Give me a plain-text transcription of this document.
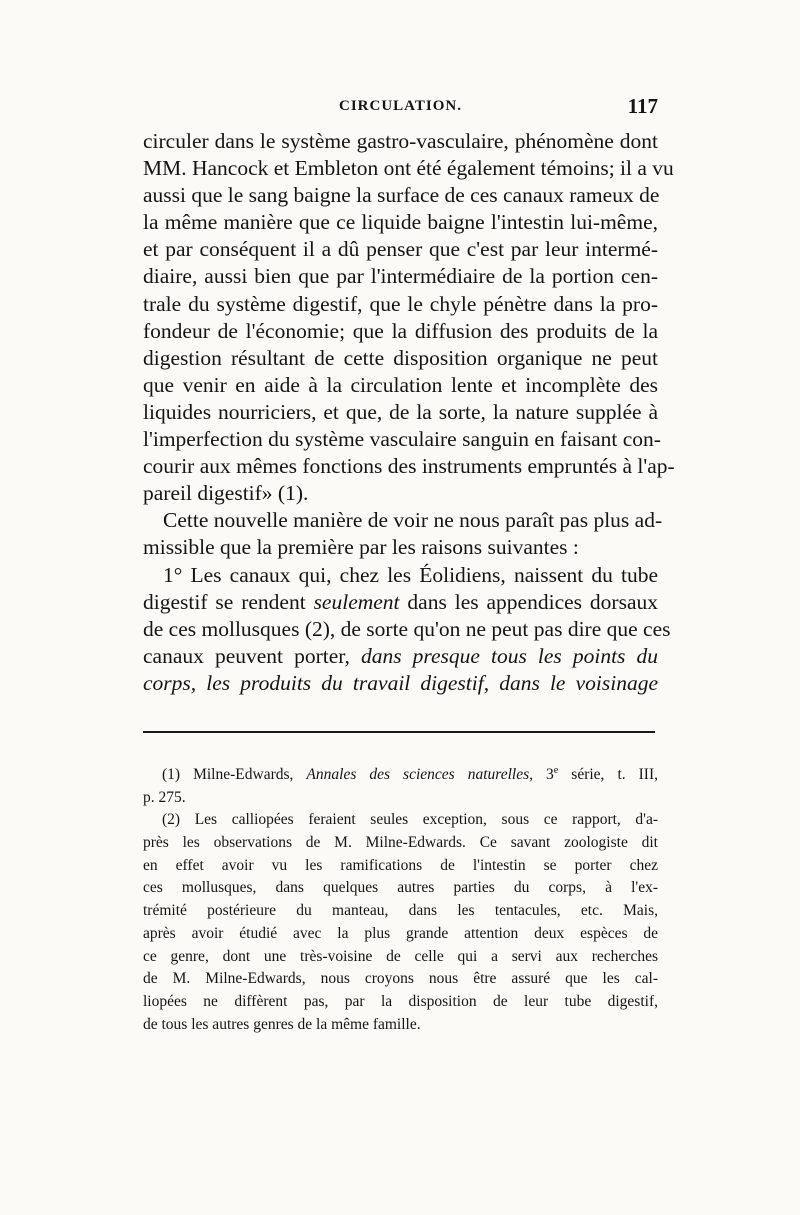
CIRCULATION.	117
circuler dans le système gastro-vasculaire, phénomène dont
MM. Hancock et Embleton ont été également témoins; il a vu
aussi que le sang baigne la surface de ces canaux rameux de
la même manière que ce liquide baigne l'intestin lui-même,
et par conséquent il a dû penser que c'est par leur intermé-
diaire, aussi bien que par l'intermédiaire de la portion cen-
trale du système digestif, que le chyle pénètre dans la pro-
fondeur de l'économie; que la diffusion des produits de la
digestion résultant de cette disposition organique ne peut
que venir en aide à la circulation lente et incomplète des
liquides nourriciers, et que, de la sorte, la nature supplée à
l'imperfection du système vasculaire sanguin en faisant con-
courir aux mêmes fonctions des instruments empruntés à l'ap-
pareil digestif» (1).
Cette nouvelle manière de voir ne nous paraît pas plus ad-
missible que la première par les raisons suivantes :
1° Les canaux qui, chez les Éolidiens, naissent du tube
digestif se rendent seulement dans les appendices dorsaux
de ces mollusques (2), de sorte qu'on ne peut pas dire que ces
canaux peuvent porter, dans presque tous les points du
corps, les produits du travail digestif, dans le voisinage
(1) Milne-Edwards, Annales des sciences naturelles, 3e série, t. III,
p. 275.
(2) Les calliopées feraient seules exception, sous ce rapport, d'a-
près les observations de M. Milne-Edwards. Ce savant zoologiste dit
en effet avoir vu les ramifications de l'intestin se porter chez
ces mollusques, dans quelques autres parties du corps, à l'ex-
trémité postérieure du manteau, dans les tentacules, etc. Mais,
après avoir étudié avec la plus grande attention deux espèces de
ce genre, dont une très-voisine de celle qui a servi aux recherches
de M. Milne-Edwards, nous croyons nous être assuré que les cal-
liopées ne diffèrent pas, par la disposition de leur tube digestif,
de tous les autres genres de la même famille.
